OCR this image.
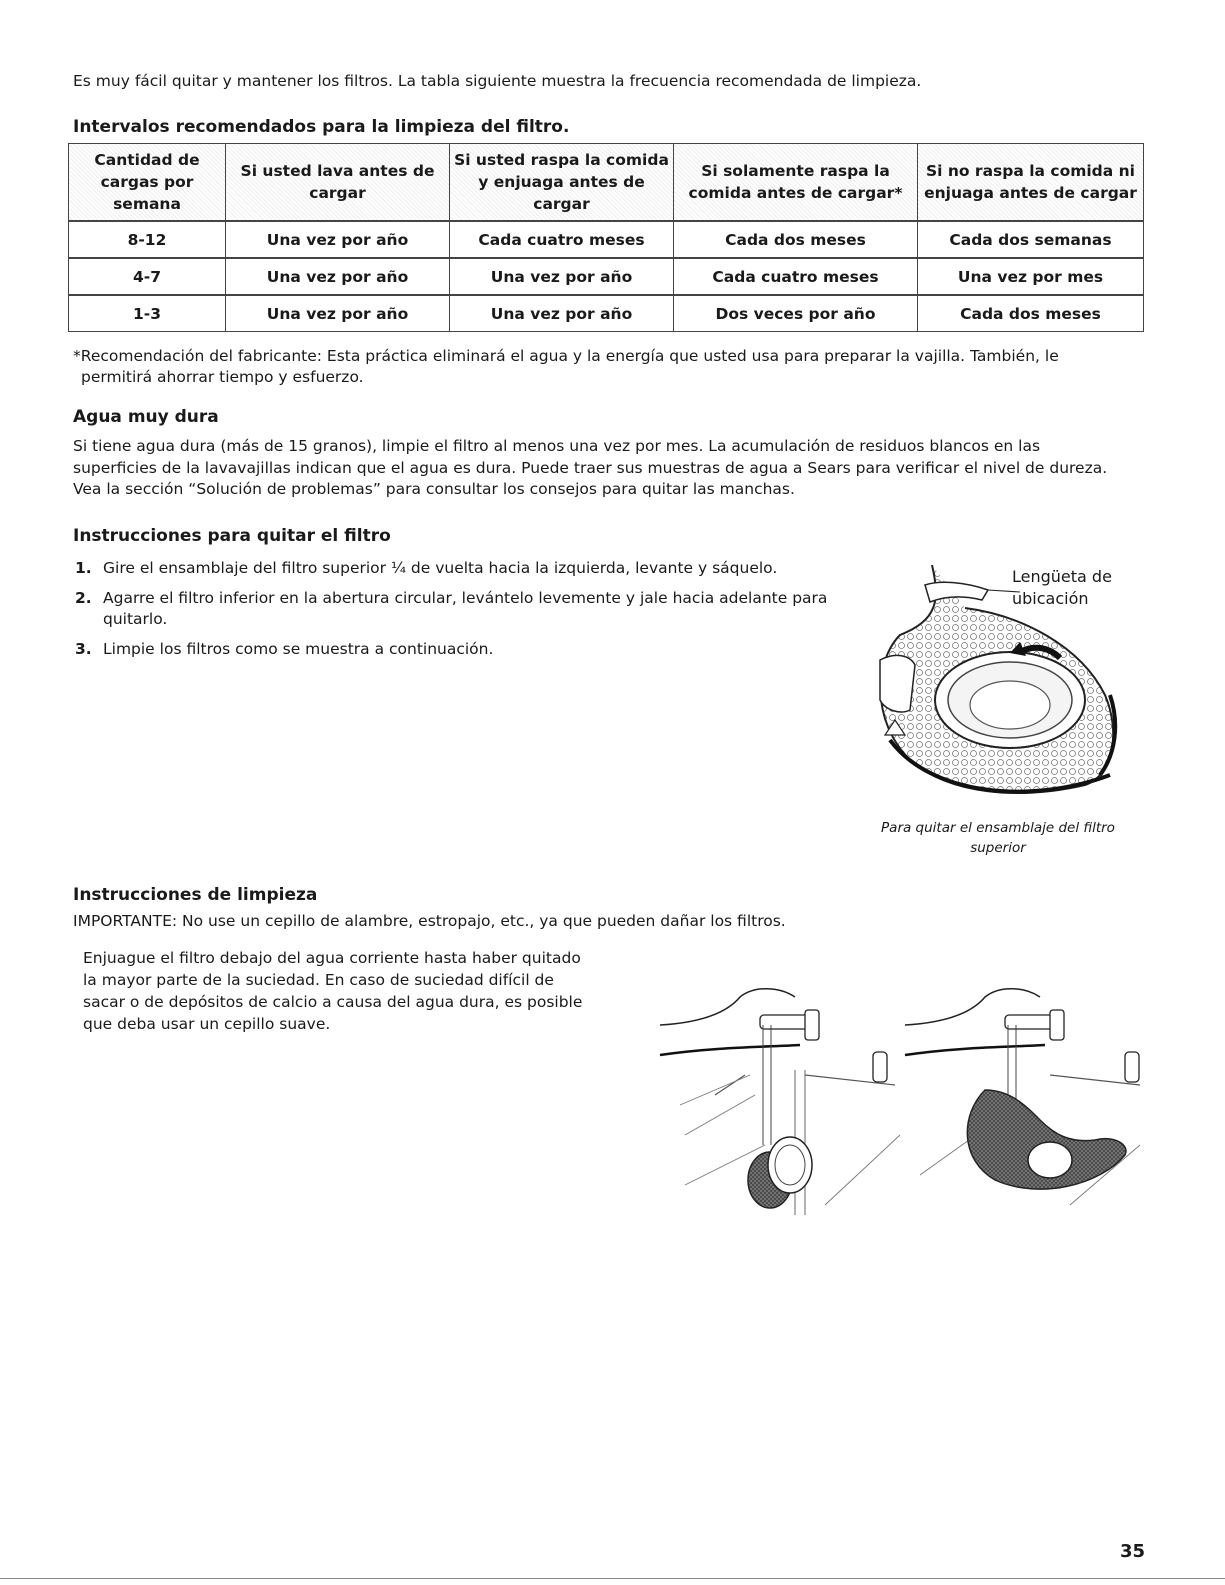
Es muy fácil quitar y mantener los filtros. La tabla siguiente muestra la frecuencia recomendada de limpieza.

Intervalos recomendados para la limpieza del filtro.

Cantidad de cargas por semana	Si usted lava antes de cargar	Si usted raspa la comida y enjuaga antes de cargar	Si solamente raspa la comida antes de cargar*	Si no raspa la comida ni enjuaga antes de cargar
8-12	Una vez por año	Cada cuatro meses	Cada dos meses	Cada dos semanas
4-7	Una vez por año	Una vez por año	Cada cuatro meses	Una vez por mes
1-3	Una vez por año	Una vez por año	Dos veces por año	Cada dos meses

*Recomendación del fabricante: Esta práctica eliminará el agua y la energía que usted usa para preparar la vajilla. También, le

permitirá ahorrar tiempo y esfuerzo.

Agua muy dura

Si tiene agua dura (más de 15 granos), limpie el filtro al menos una vez por mes. La acumulación de residuos blancos en las

superficies de la lavavajillas indican que el agua es dura. Puede traer sus muestras de agua a Sears para verificar el nivel de dureza.

Vea la sección “Solución de problemas” para consultar los consejos para quitar las manchas.

Instrucciones para quitar el filtro

1. Gire el ensamblaje del filtro superior ¼ de vuelta hacia la izquierda, levante y sáquelo.
2. Agarre el filtro inferior en la abertura circular, levántelo levemente y jale hacia adelante para quitarlo.
3. Limpie los filtros como se muestra a continuación.
Lengüeta de
ubicación

Para quitar el ensamblaje del filtro

superior

Instrucciones de limpieza

IMPORTANTE: No use un cepillo de alambre, estropajo, etc., ya que pueden dañar los filtros.

Enjuague el filtro debajo del agua corriente hasta haber quitado

la mayor parte de la suciedad. En caso de suciedad difícil de

sacar o de depósitos de calcio a causa del agua dura, es posible

que deba usar un cepillo suave.

35
